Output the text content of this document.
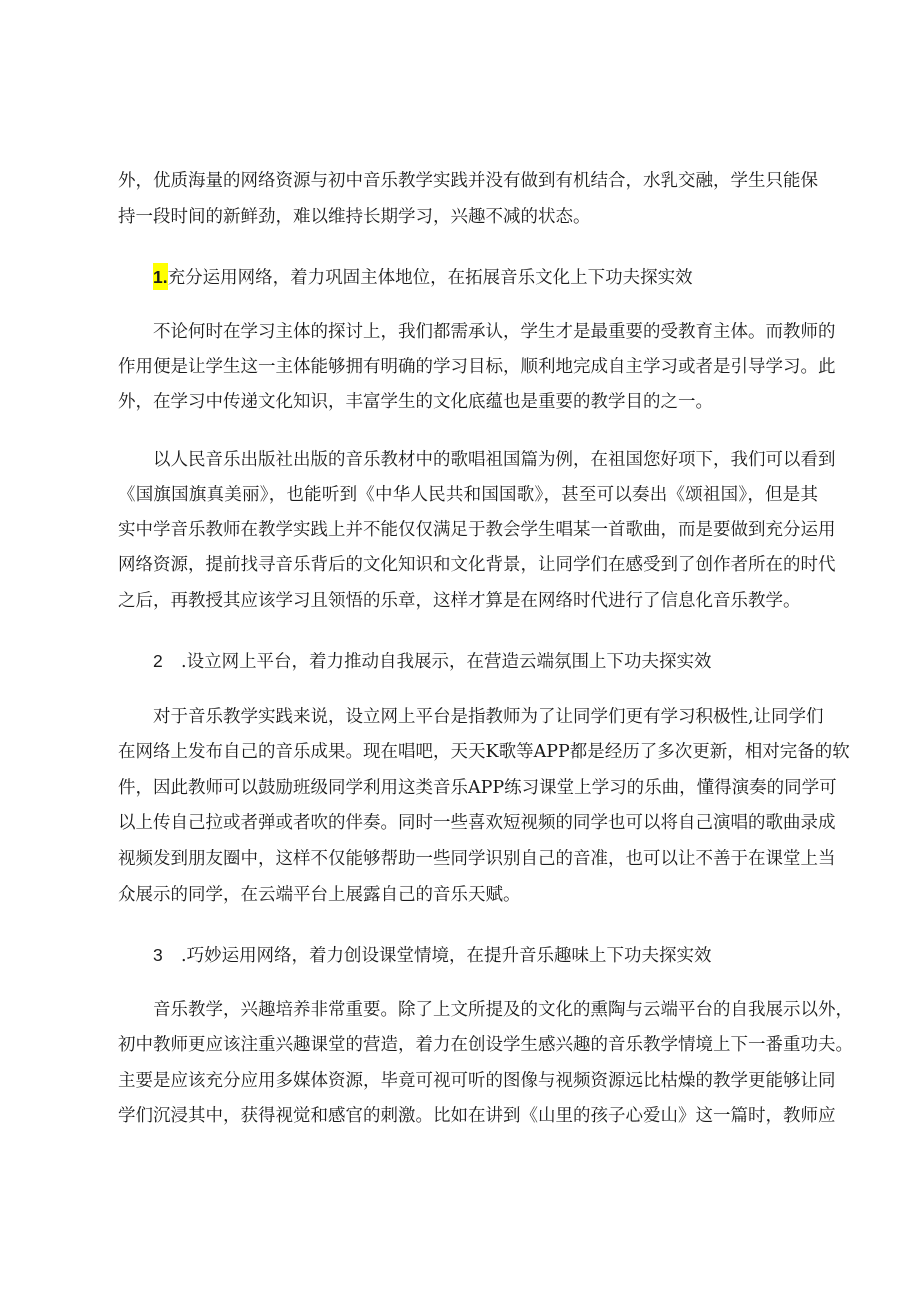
外，优质海量的网络资源与初中音乐教学实践并没有做到有机结合，水乳交融，学生只能保
持一段时间的新鲜劲，难以维持长期学习，兴趣不减的状态。
1.充分运用网络，着力巩固主体地位，在拓展音乐文化上下功夫探实效
不论何时在学习主体的探讨上，我们都需承认，学生才是最重要的受教育主体。而教师的
作用便是让学生这一主体能够拥有明确的学习目标，顺利地完成自主学习或者是引导学习。此
外，在学习中传递文化知识，丰富学生的文化底蕴也是重要的教学目的之一。
以人民音乐出版社出版的音乐教材中的歌唱祖国篇为例，在祖国您好项下，我们可以看到
《国旗国旗真美丽》，也能听到《中华人民共和国国歌》，甚至可以奏出《颂祖国》，但是其
实中学音乐教师在教学实践上并不能仅仅满足于教会学生唱某一首歌曲，而是要做到充分运用
网络资源，提前找寻音乐背后的文化知识和文化背景，让同学们在感受到了创作者所在的时代
之后，再教授其应该学习且领悟的乐章，这样才算是在网络时代进行了信息化音乐教学。
2 .设立网上平台，着力推动自我展示，在营造云端氛围上下功夫探实效
对于音乐教学实践来说，设立网上平台是指教师为了让同学们更有学习积极性,让同学们
在网络上发布自己的音乐成果。现在唱吧，天天K歌等APP都是经历了多次更新，相对完备的软
件，因此教师可以鼓励班级同学利用这类音乐APP练习课堂上学习的乐曲，懂得演奏的同学可
以上传自己拉或者弹或者吹的伴奏。同时一些喜欢短视频的同学也可以将自己演唱的歌曲录成
视频发到朋友圈中，这样不仅能够帮助一些同学识别自己的音准，也可以让不善于在课堂上当
众展示的同学，在云端平台上展露自己的音乐天赋。
3 .巧妙运用网络，着力创设课堂情境，在提升音乐趣味上下功夫探实效
音乐教学，兴趣培养非常重要。除了上文所提及的文化的熏陶与云端平台的自我展示以外，
初中教师更应该注重兴趣课堂的营造，着力在创设学生感兴趣的音乐教学情境上下一番重功夫。
主要是应该充分应用多媒体资源，毕竟可视可听的图像与视频资源远比枯燥的教学更能够让同
学们沉浸其中，获得视觉和感官的刺激。比如在讲到《山里的孩子心爱山》这一篇时，教师应
